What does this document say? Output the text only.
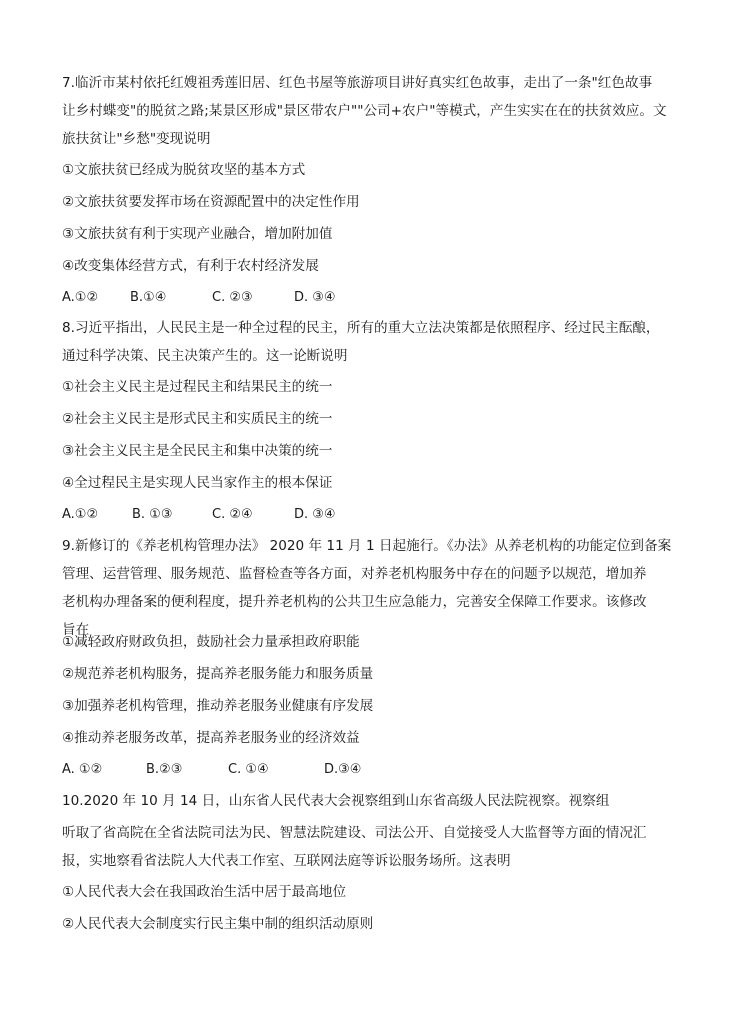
7.临沂市某村依托红嫂祖秀莲旧居、红色书屋等旅游项目讲好真实红色故事，走出了一条"红色故事
让乡村蝶变"的脱贫之路;某景区形成"景区带农户""公司+农户"等模式，产生实实在在的扶贫效应。文
旅扶贫让"乡愁"变现说明
①文旅扶贫已经成为脱贫攻坚的基本方式
②文旅扶贫要发挥市场在资源配置中的决定性作用
③文旅扶贫有利于实现产业融合，增加附加值
④改变集体经营方式，有利于农村经济发展
A.①② B.①④	C. ②③	D. ③④
8.习近平指出，人民民主是一种全过程的民主，所有的重大立法决策都是依照程序、经过民主酝酿，
通过科学决策、民主决策产生的。这一论断说明
①社会主义民主是过程民主和结果民主的统一
②社会主义民主是形式民主和实质民主的统一
③社会主义民主是全民民主和集中决策的统一
④全过程民主是实现人民当家作主的根本保证
A.①②	B. ①③	C. ②④	D. ③④
9.新修订的《养老机构管理办法》 2020 年 11 月 1 日起施行。《办法》从养老机构的功能定位到备案
管理、运营管理、服务规范、监督检查等各方面，对养老机构服务中存在的问题予以规范，增加养
老机构办理备案的便利程度，提升养老机构的公共卫生应急能力，完善安全保障工作要求。该修改
旨在
①减轻政府财政负担，鼓励社会力量承担政府职能
②规范养老机构服务，提高养老服务能力和服务质量
③加强养老机构管理，推动养老服务业健康有序发展
④推动养老服务改革，提高养老服务业的经济效益
A. ①②	B.②③	C. ①④	D.③④
10.2020 年 10 月 14 日，山东省人民代表大会视察组到山东省高级人民法院视察。视察组
听取了省高院在全省法院司法为民、智慧法院建设、司法公开、自觉接受人大监督等方面的情况汇
报，实地察看省法院人大代表工作室、互联网法庭等诉讼服务场所。这表明
①人民代表大会在我国政治生活中居于最高地位
②人民代表大会制度实行民主集中制的组织活动原则
